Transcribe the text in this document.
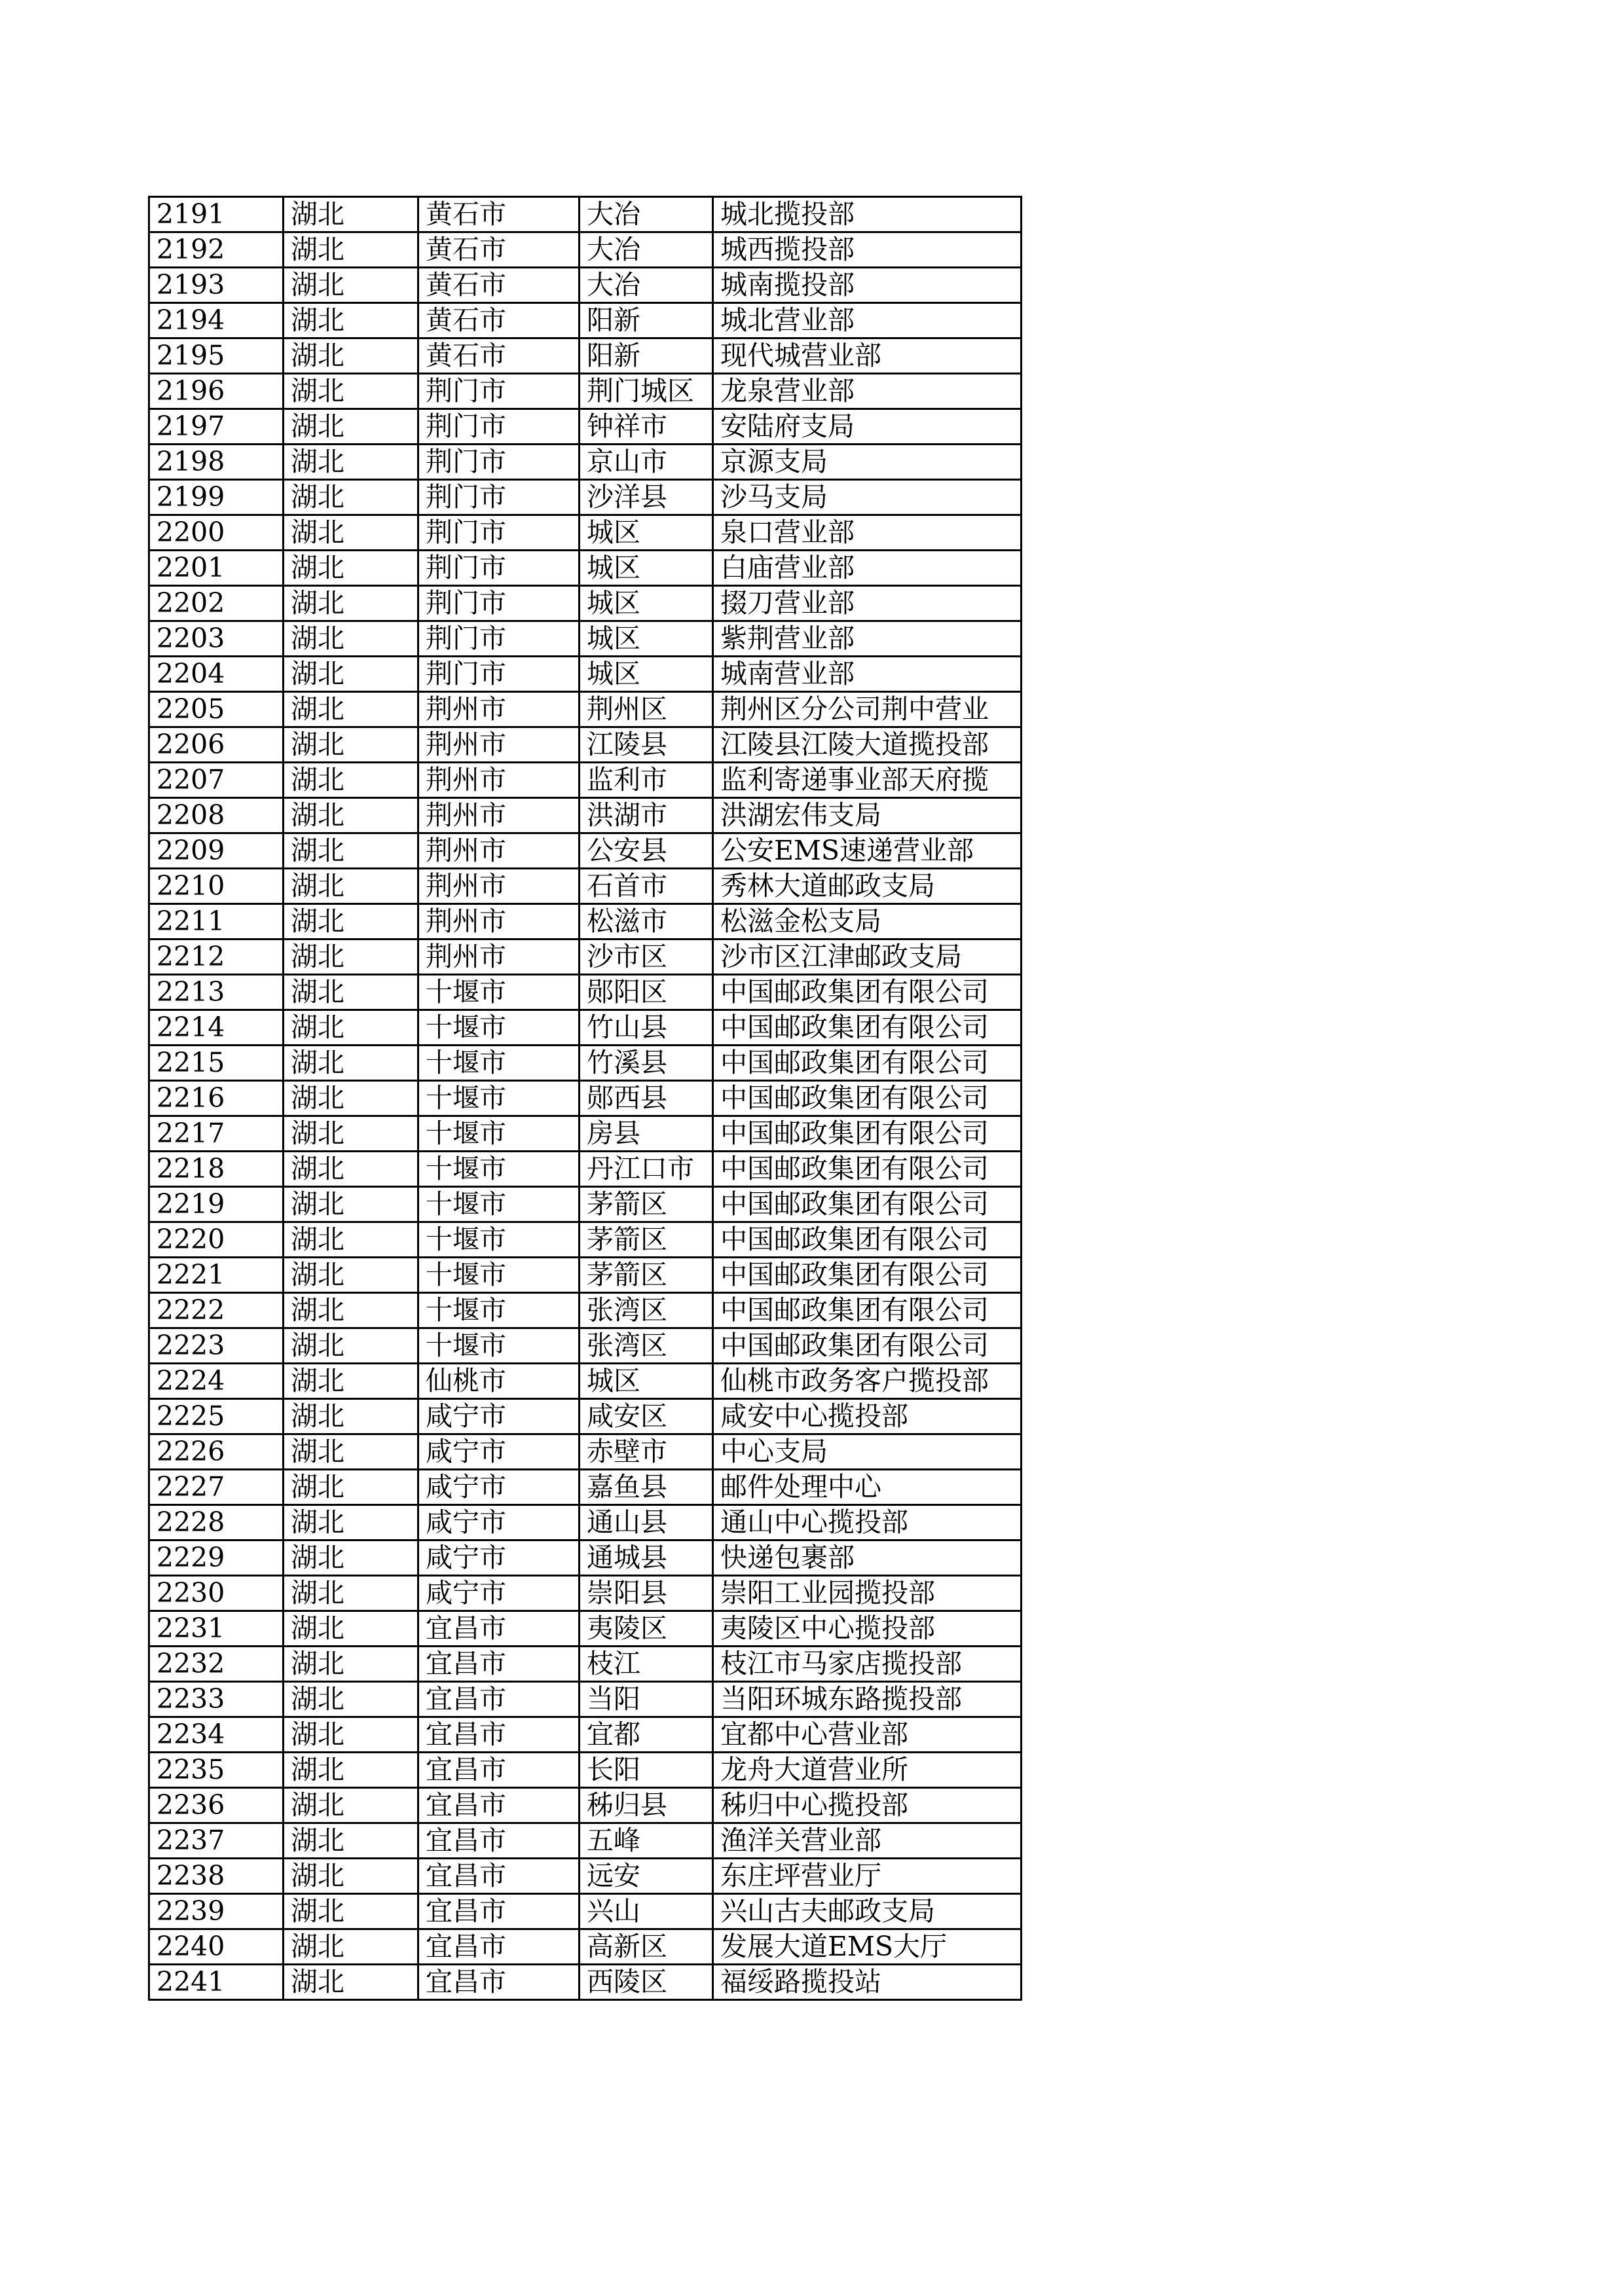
2191	湖北	黄石市	大冶	城北揽投部
2192	湖北	黄石市	大冶	城西揽投部
2193	湖北	黄石市	大冶	城南揽投部
2194	湖北	黄石市	阳新	城北营业部
2195	湖北	黄石市	阳新	现代城营业部
2196	湖北	荆门市	荆门城区	龙泉营业部
2197	湖北	荆门市	钟祥市	安陆府支局
2198	湖北	荆门市	京山市	京源支局
2199	湖北	荆门市	沙洋县	沙马支局
2200	湖北	荆门市	城区	泉口营业部
2201	湖北	荆门市	城区	白庙营业部
2202	湖北	荆门市	城区	掇刀营业部
2203	湖北	荆门市	城区	紫荆营业部
2204	湖北	荆门市	城区	城南营业部
2205	湖北	荆州市	荆州区	荆州区分公司荆中营业
2206	湖北	荆州市	江陵县	江陵县江陵大道揽投部
2207	湖北	荆州市	监利市	监利寄递事业部天府揽
2208	湖北	荆州市	洪湖市	洪湖宏伟支局
2209	湖北	荆州市	公安县	公安EMS速递营业部
2210	湖北	荆州市	石首市	秀林大道邮政支局
2211	湖北	荆州市	松滋市	松滋金松支局
2212	湖北	荆州市	沙市区	沙市区江津邮政支局
2213	湖北	十堰市	郧阳区	中国邮政集团有限公司
2214	湖北	十堰市	竹山县	中国邮政集团有限公司
2215	湖北	十堰市	竹溪县	中国邮政集团有限公司
2216	湖北	十堰市	郧西县	中国邮政集团有限公司
2217	湖北	十堰市	房县	中国邮政集团有限公司
2218	湖北	十堰市	丹江口市	中国邮政集团有限公司
2219	湖北	十堰市	茅箭区	中国邮政集团有限公司
2220	湖北	十堰市	茅箭区	中国邮政集团有限公司
2221	湖北	十堰市	茅箭区	中国邮政集团有限公司
2222	湖北	十堰市	张湾区	中国邮政集团有限公司
2223	湖北	十堰市	张湾区	中国邮政集团有限公司
2224	湖北	仙桃市	城区	仙桃市政务客户揽投部
2225	湖北	咸宁市	咸安区	咸安中心揽投部
2226	湖北	咸宁市	赤壁市	中心支局
2227	湖北	咸宁市	嘉鱼县	邮件处理中心
2228	湖北	咸宁市	通山县	通山中心揽投部
2229	湖北	咸宁市	通城县	快递包裹部
2230	湖北	咸宁市	崇阳县	崇阳工业园揽投部
2231	湖北	宜昌市	夷陵区	夷陵区中心揽投部
2232	湖北	宜昌市	枝江	枝江市马家店揽投部
2233	湖北	宜昌市	当阳	当阳环城东路揽投部
2234	湖北	宜昌市	宜都	宜都中心营业部
2235	湖北	宜昌市	长阳	龙舟大道营业所
2236	湖北	宜昌市	秭归县	秭归中心揽投部
2237	湖北	宜昌市	五峰	渔洋关营业部
2238	湖北	宜昌市	远安	东庄坪营业厅
2239	湖北	宜昌市	兴山	兴山古夫邮政支局
2240	湖北	宜昌市	高新区	发展大道EMS大厅
2241	湖北	宜昌市	西陵区	福绥路揽投站
